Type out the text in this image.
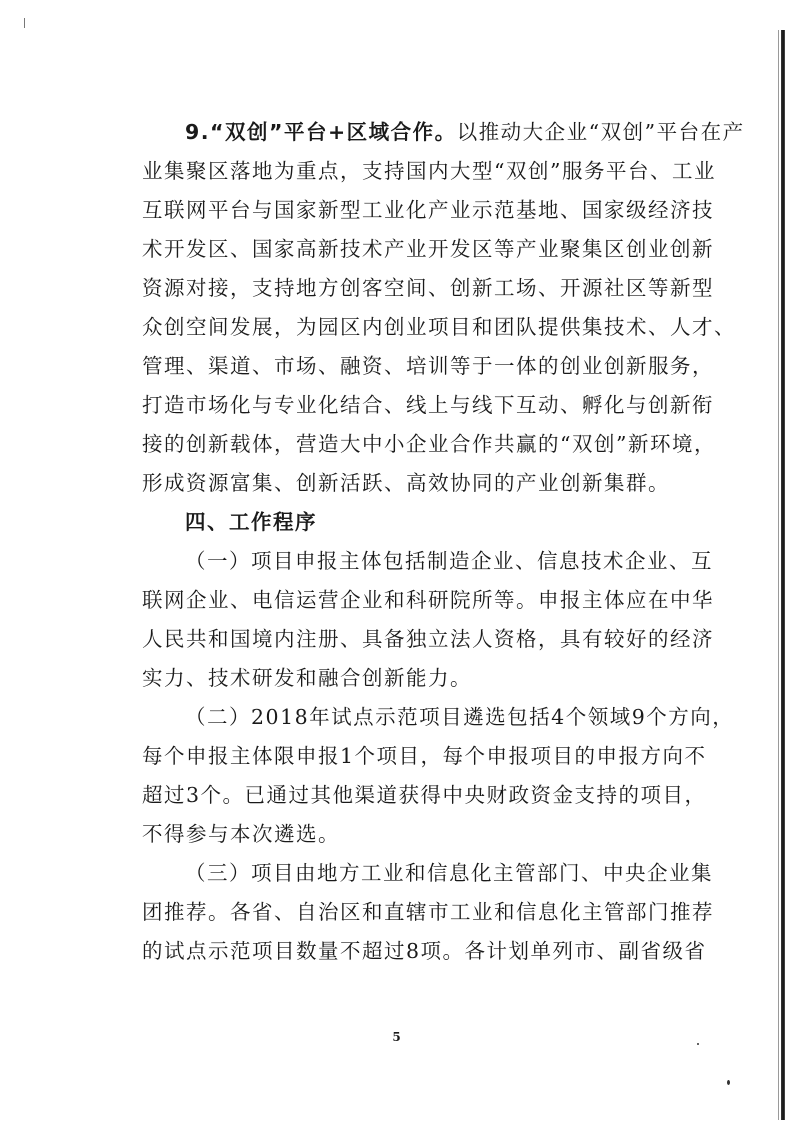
9.“双创”平台+区域合作。以推动大企业“双创”平台在产
业集聚区落地为重点，支持国内大型“双创”服务平台、工业
互联网平台与国家新型工业化产业示范基地、国家级经济技
术开发区、国家高新技术产业开发区等产业聚集区创业创新
资源对接，支持地方创客空间、创新工场、开源社区等新型
众创空间发展，为园区内创业项目和团队提供集技术、人才、
管理、渠道、市场、融资、培训等于一体的创业创新服务，
打造市场化与专业化结合、线上与线下互动、孵化与创新衔
接的创新载体，营造大中小企业合作共赢的“双创”新环境，
形成资源富集、创新活跃、高效协同的产业创新集群。
四、工作程序
（一）项目申报主体包括制造企业、信息技术企业、互
联网企业、电信运营企业和科研院所等。申报主体应在中华
人民共和国境内注册、具备独立法人资格，具有较好的经济
实力、技术研发和融合创新能力。
（二）2018年试点示范项目遴选包括4个领域9个方向，
每个申报主体限申报1个项目，每个申报项目的申报方向不
超过3个。已通过其他渠道获得中央财政资金支持的项目，
不得参与本次遴选。
（三）项目由地方工业和信息化主管部门、中央企业集
团推荐。各省、自治区和直辖市工业和信息化主管部门推荐
的试点示范项目数量不超过8项。各计划单列市、副省级省
5
